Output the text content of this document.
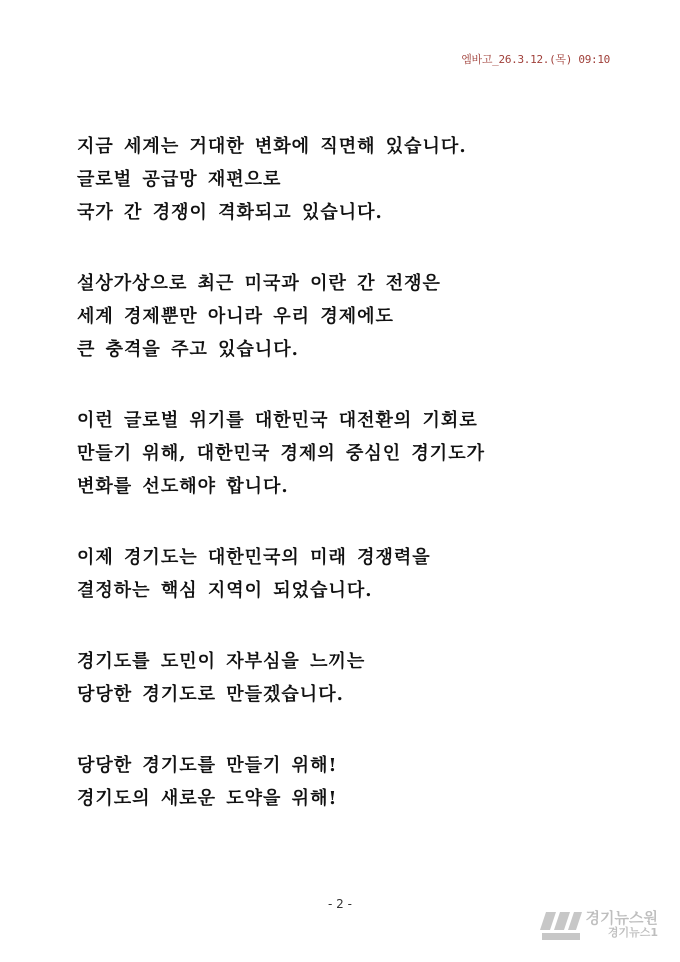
엠바고_26.3.12.(목) 09:10
지금 세계는 거대한 변화에 직면해 있습니다.
글로벌 공급망 재편으로
국가 간 경쟁이 격화되고 있습니다.
설상가상으로 최근 미국과 이란 간 전쟁은
세계 경제뿐만 아니라 우리 경제에도
큰 충격을 주고 있습니다.
이런 글로벌 위기를 대한민국 대전환의 기회로
만들기 위해, 대한민국 경제의 중심인 경기도가
변화를 선도해야 합니다.
이제 경기도는 대한민국의 미래 경쟁력을
결정하는 핵심 지역이 되었습니다.
경기도를 도민이 자부심을 느끼는
당당한 경기도로 만들겠습니다.
당당한 경기도를 만들기 위해!
경기도의 새로운 도약을 위해!
- 2 -
경기뉴스원
경기뉴스1
